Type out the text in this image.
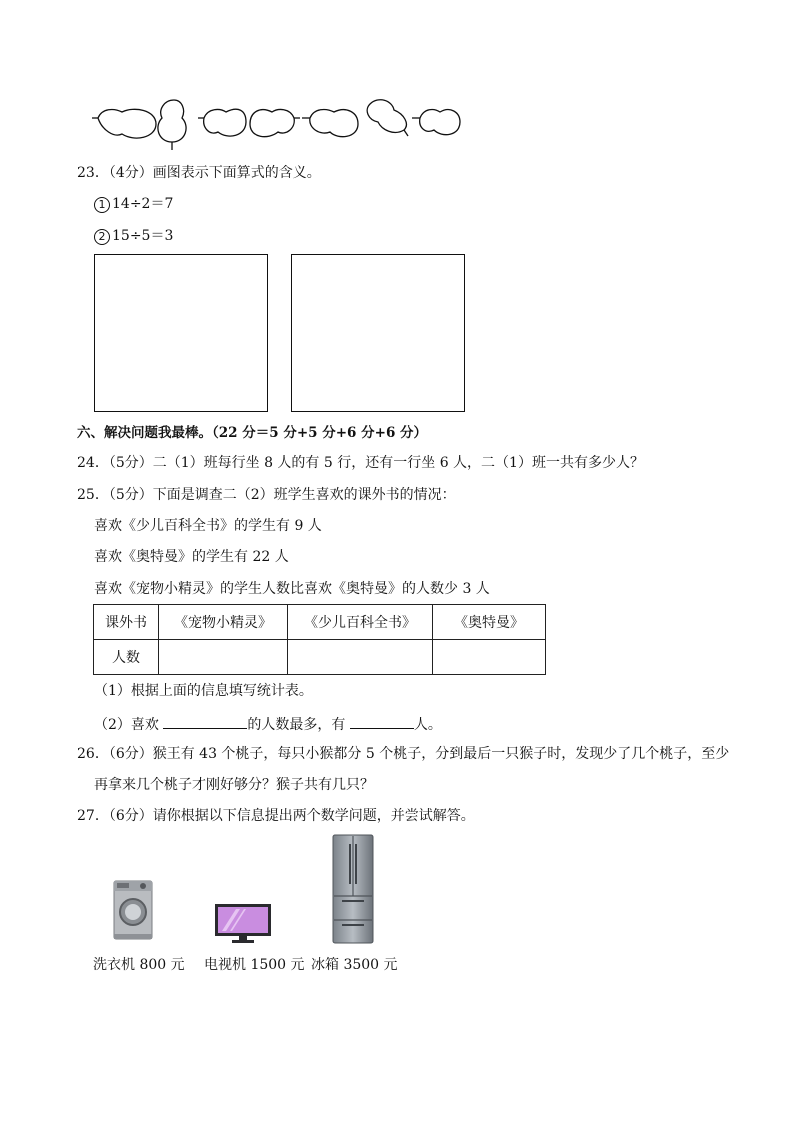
23．（4分）画图表示下面算式的含义。
1 14÷2＝7
2 15÷5＝3
六、解决问题我最棒。（22 分＝5 分+5 分+6 分+6 分）
24．（5分）二（1）班每行坐 8 人的有 5 行，还有一行坐 6 人，二（1）班一共有多少人？
25．（5分）下面是调查二（2）班学生喜欢的课外书的情况：
喜欢《少儿百科全书》的学生有 9 人
喜欢《奥特曼》的学生有 22 人
喜欢《宠物小精灵》的学生人数比喜欢《奥特曼》的人数少 3 人
课外书	《宠物小精灵》	《少儿百科全书》	《奥特曼》
人数			
（1）根据上面的信息填写统计表。
（2）喜欢	的人数最多，有	人。
26．（6分）猴王有 43 个桃子，每只小猴都分 5 个桃子，分到最后一只猴子时，发现少了几个桃子，至少
再拿来几个桃子才刚好够分？猴子共有几只？
27．（6分）请你根据以下信息提出两个数学问题，并尝试解答。
洗衣机 800 元 电视机 1500 元 冰箱 3500 元
